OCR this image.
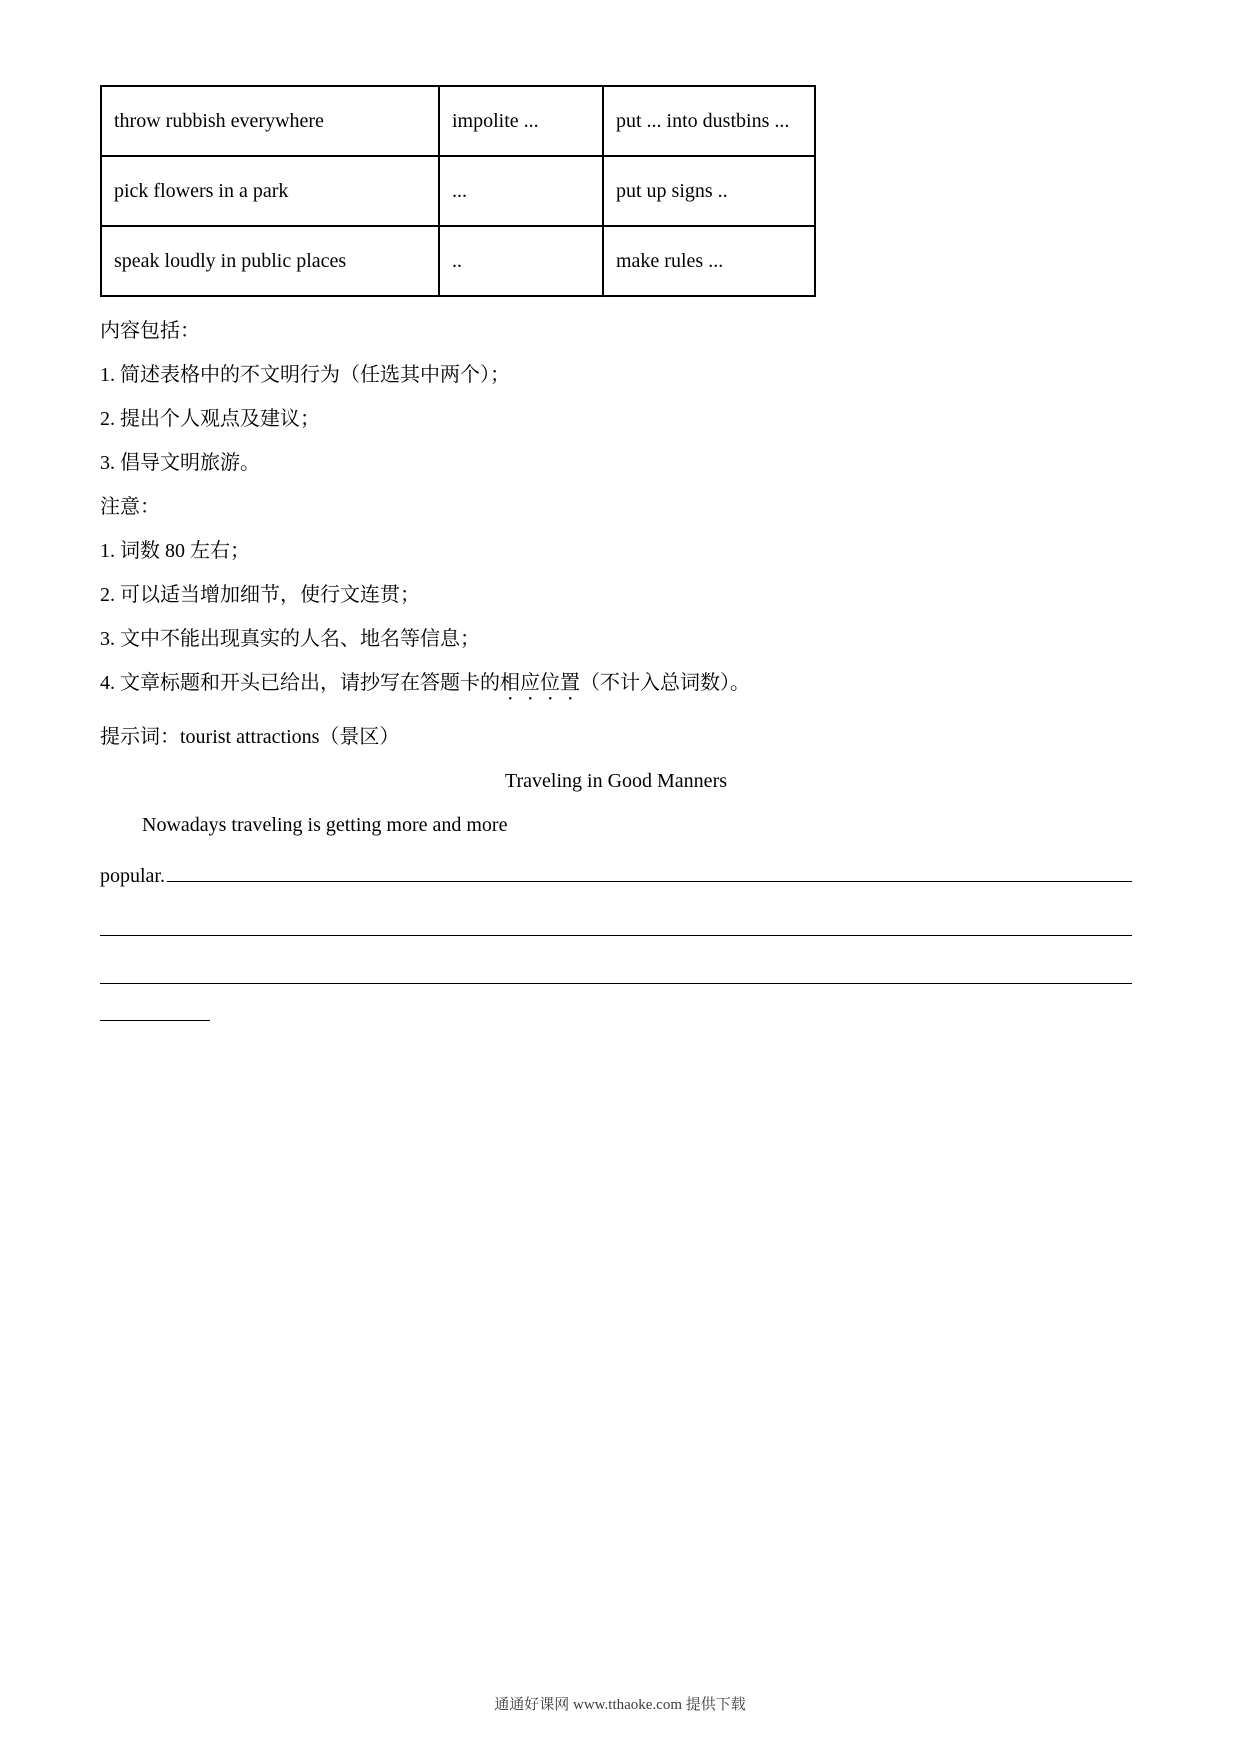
throw rubbish everywhere	impolite ...	put ... into dustbins ...
pick flowers in a park	...	put up signs ..
speak loudly in public places	..	make rules ...

内容包括：

1. 简述表格中的不文明行为（任选其中两个）；

2. 提出个人观点及建议；

3. 倡导文明旅游。

注意：

1. 词数 80 左右；

2. 可以适当增加细节，使行文连贯；

3. 文中不能出现真实的人名、地名等信息；

4. 文章标题和开头已给出，请抄写在答题卡的相应位置（不计入总词数）。

提示词：tourist attractions（景区）

Traveling in Good Manners

Nowadays traveling is getting more and more

popular.
通通好课网 www.tthaoke.com 提供下载
